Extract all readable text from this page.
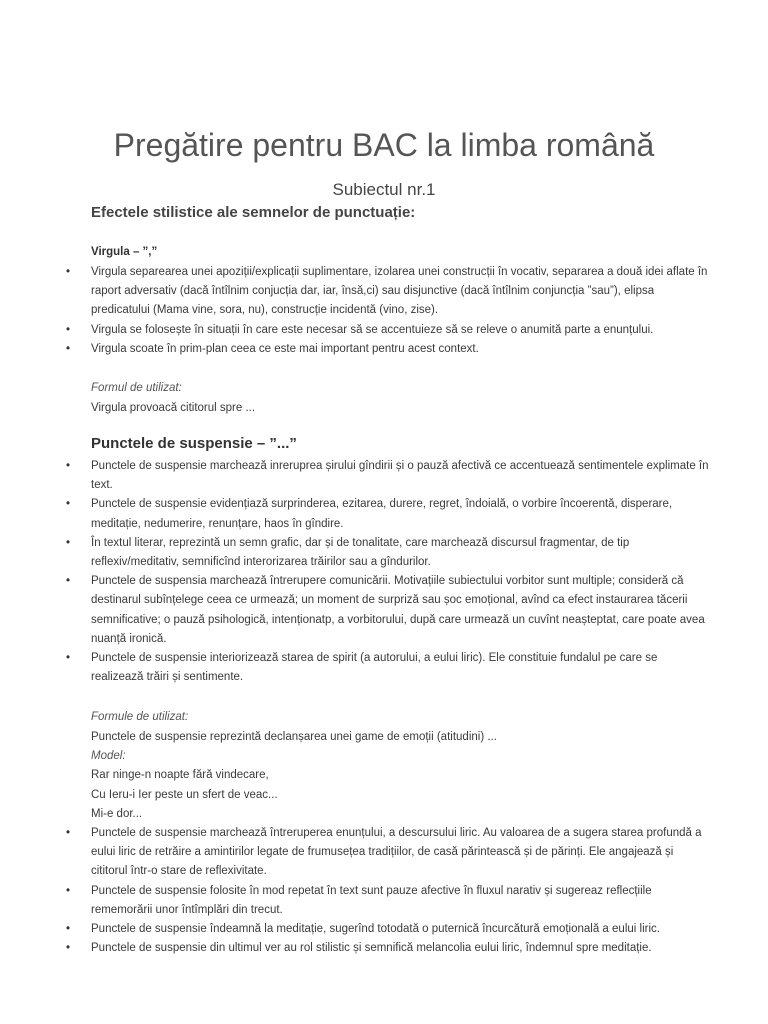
Pregătire pentru BAC la limba română
Subiectul nr.1
Efectele stilistice ale semnelor de punctuație:
Virgula – ”,”
• Virgula separearea unei apoziții/explicații suplimentare, izolarea unei construcții în vocativ, separarea a două idei aflate în raport adversativ (dacă întîlnim conjucția dar, iar, însă,ci) sau disjunctive (dacă întîlnim conjuncția ”sau”), elipsa predicatului (Mama vine, sora, nu), construcție incidentă (vino, zise).
• Virgula se folosește în situații în care este necesar să se accentuieze să se releve o anumită parte a enunțului.
• Virgula scoate în prim-plan ceea ce este mai important pentru acest context.
Formul de utilizat:
Virgula provoacă cititorul spre ...
Punctele de suspensie – ”...”
• Punctele de suspensie marchează inreruprea șirului gîndirii și o pauză afectivă ce accentuează sentimentele explimate în text.
• Punctele de suspensie evidențiază surprinderea, ezitarea, durere, regret, îndoială, o vorbire încoerentă, disperare, meditație, nedumerire, renunțare, haos în gîndire.
• În textul literar, reprezintă un semn grafic, dar și de tonalitate, care marchează discursul fragmentar, de tip reflexiv/meditativ, semnificînd interorizarea trăirilor sau a gîndurilor.
• Punctele de suspensia marchează întrerupere comunicării. Motivațiile subiectului vorbitor sunt multiple; consideră că destinarul subînțelege ceea ce urmează; un moment de surpriză sau șoc emoțional, avînd ca efect instaurarea tăcerii semnificative; o pauză psihologică, intenționatp, a vorbitorului, după care urmează un cuvînt neașteptat, care poate avea nuanță ironică.
• Punctele de suspensie interiorizează starea de spirit (a autorului, a eului liric). Ele constituie fundalul pe care se realizează trăiri și sentimente.
Formule de utilizat:
Punctele de suspensie reprezintă declanșarea unei game de emoții (atitudini) ...
Model:
Rar ninge-n noapte fără vindecare,
Cu Ieru-i Ier peste un sfert de veac...
Mi-e dor...
• Punctele de suspensie marchează întreruperea enunțului, a descursului liric. Au valoarea de a sugera starea profundă a eului liric de retrăire a amintirilor legate de frumusețea tradițiilor, de casă părintească și de părinți. Ele angajează și cititorul într-o stare de reflexivitate.
• Punctele de suspensie folosite în mod repetat în text sunt pauze afective în fluxul narativ și sugereaz reflecțiile rememorării unor întîmplări din trecut.
• Punctele de suspensie îndeamnă la meditație, sugerînd totodată o puternică încurcătură emoțională a eului liric.
• Punctele de suspensie din ultimul ver au rol stilistic și semnifică melancolia eului liric, îndemnul spre meditație.
